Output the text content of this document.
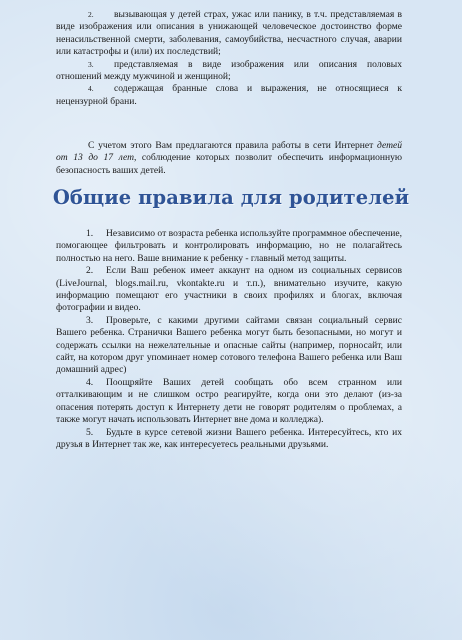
2. вызывающая у детей страх, ужас или панику, в т.ч. представляемая в виде изображения или описания в унижающей человеческое достоинство форме ненасильственной смерти, заболевания, самоубийства, несчастного случая, аварии или катастрофы и (или) их последствий;

3. представляемая в виде изображения или описания половых отношений между мужчиной и женщиной;

4. содержащая бранные слова и выражения, не относящиеся к нецензурной брани.

С учетом этого Вам предлагаются правила работы в сети Интернет детей от 13 до 17 лет, соблюдение которых позволит обеспечить информационную безопасность ваших детей.

Общие правила для родителей

1. Независимо от возраста ребенка используйте программное обеспечение, помогающее фильтровать и контролировать информацию, но не полагайтесь полностью на него. Ваше внимание к ребенку - главный метод защиты.

2. Если Ваш ребенок имеет аккаунт на одном из социальных сервисов (LiveJournal, blogs.mail.ru, vkontakte.ru и т.п.), внимательно изучите, какую информацию помещают его участники в своих профилях и блогах, включая фотографии и видео.

3. Проверьте, с какими другими сайтами связан социальный сервис Вашего ребенка. Странички Вашего ребенка могут быть безопасными, но могут и содержать ссылки на нежелательные и опасные сайты (например, порносайт, или сайт, на котором друг упоминает номер сотового телефона Вашего ребенка или Ваш домашний адрес)

4. Поощряйте Ваших детей сообщать обо всем странном или отталкивающим и не слишком остро реагируйте, когда они это делают (из-за опасения потерять доступ к Интернету дети не говорят родителям о проблемах, а также могут начать использовать Интернет вне дома и колледжа).

5. Будьте в курсе сетевой жизни Вашего ребенка. Интересуйтесь, кто их друзья в Интернет так же, как интересуетесь реальными друзьями.
